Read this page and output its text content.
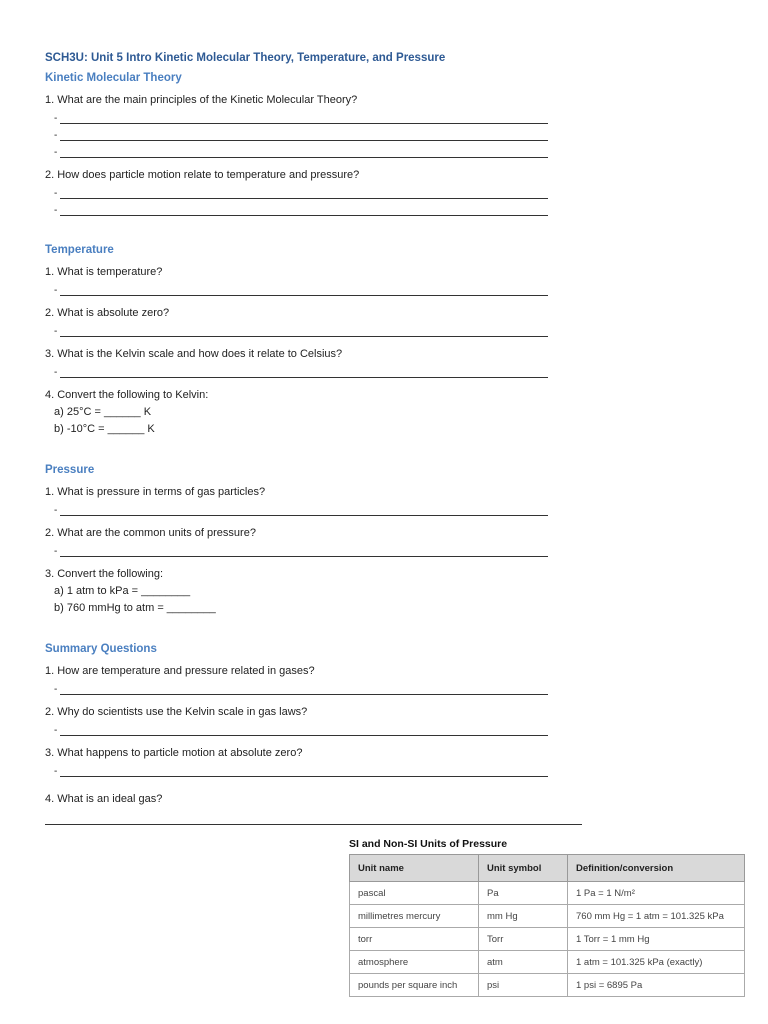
SCH3U: Unit 5 Intro Kinetic Molecular Theory, Temperature, and Pressure
Kinetic Molecular Theory
1. What are the main principles of the Kinetic Molecular Theory?
-
-
-
2. How does particle motion relate to temperature and pressure?
-
-
Temperature
1. What is temperature?
-
2. What is absolute zero?
-
3. What is the Kelvin scale and how does it relate to Celsius?
-
4. Convert the following to Kelvin:
a) 25°C = ______ K
b) -10°C = ______ K
Pressure
1. What is pressure in terms of gas particles?
-
2. What are the common units of pressure?
-
3. Convert the following:
a) 1 atm to kPa = ________
b) 760 mmHg to atm = ________
Summary Questions
1. How are temperature and pressure related in gases?
-
2. Why do scientists use the Kelvin scale in gas laws?
-
3. What happens to particle motion at absolute zero?
-
4. What is an ideal gas?
SI and Non-SI Units of Pressure
Unit name	Unit symbol	Definition/conversion
pascal	Pa	1 Pa = 1 N/m²
millimetres mercury	mm Hg	760 mm Hg = 1 atm = 101.325 kPa
torr	Torr	1 Torr = 1 mm Hg
atmosphere	atm	1 atm = 101.325 kPa (exactly)
pounds per square inch	psi	1 psi = 6895 Pa
